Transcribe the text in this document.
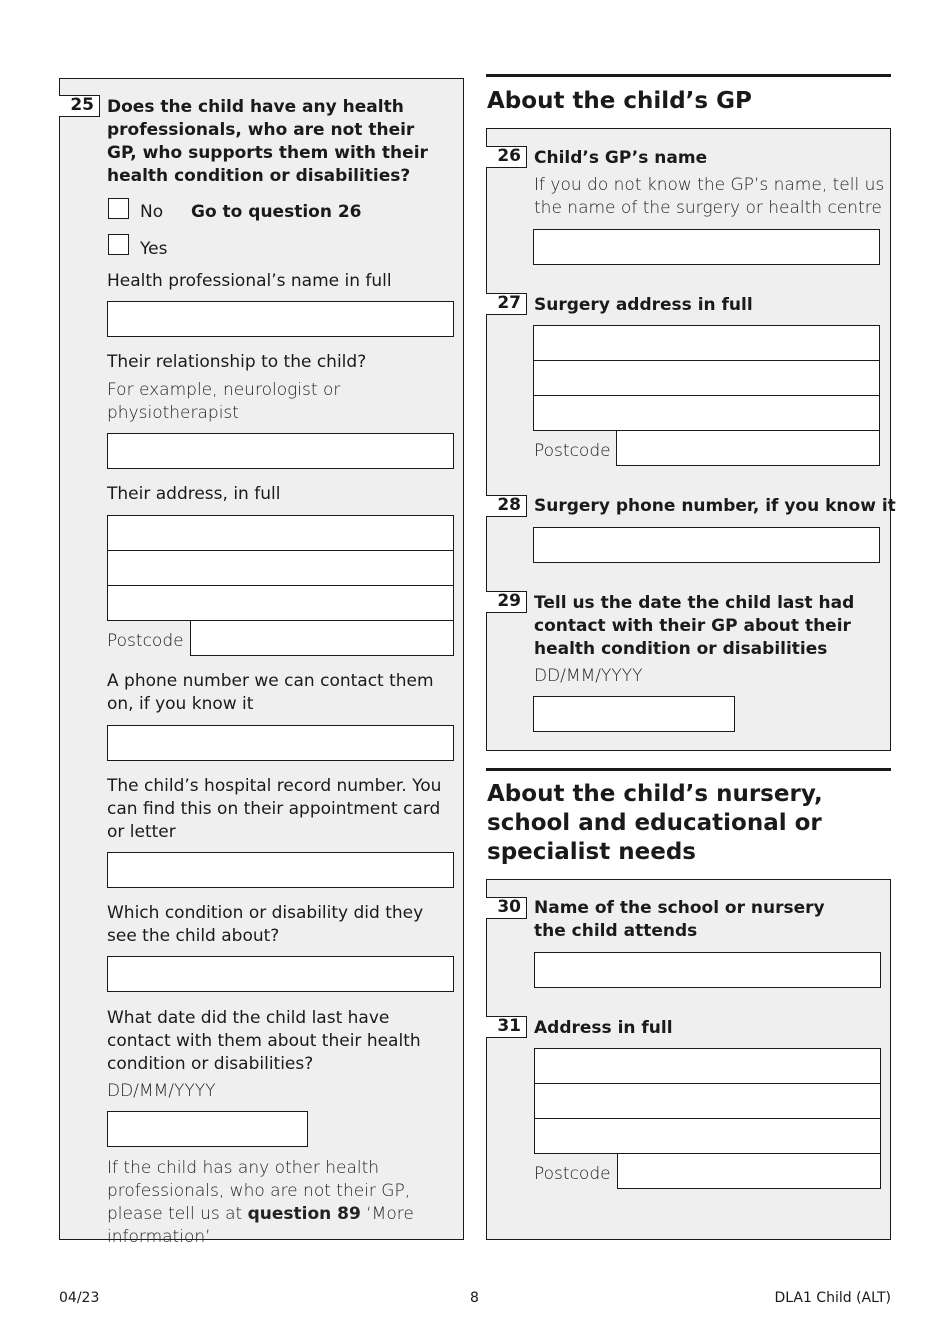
25 Does the child have any health professionals, who are not their GP, who supports them with their health condition or disabilities?
No Go to question 26
Yes
Health professional’s name in full
Their relationship to the child?
For example, neurologist or physiotherapist
Their address, in full
Postcode
A phone number we can contact them on, if you know it
The child’s hospital record number. You can find this on their appointment card or letter
Which condition or disability did they see the child about?
What date did the child last have contact with them about their health condition or disabilities?
DD/MM/YYYY
If the child has any other health professionals, who are not their GP, please tell us at question 89 ‘More information’
About the child’s GP
26 Child’s GP’s name
If you do not know the GP’s name, tell us the name of the surgery or health centre
27 Surgery address in full
Postcode
28 Surgery phone number, if you know it
29 Tell us the date the child last had contact with their GP about their health condition or disabilities
DD/MM/YYYY
About the child’s nursery, school and educational or specialist needs
30 Name of the school or nursery the child attends
31 Address in full
Postcode
04/23	8	DLA1 Child (ALT)
